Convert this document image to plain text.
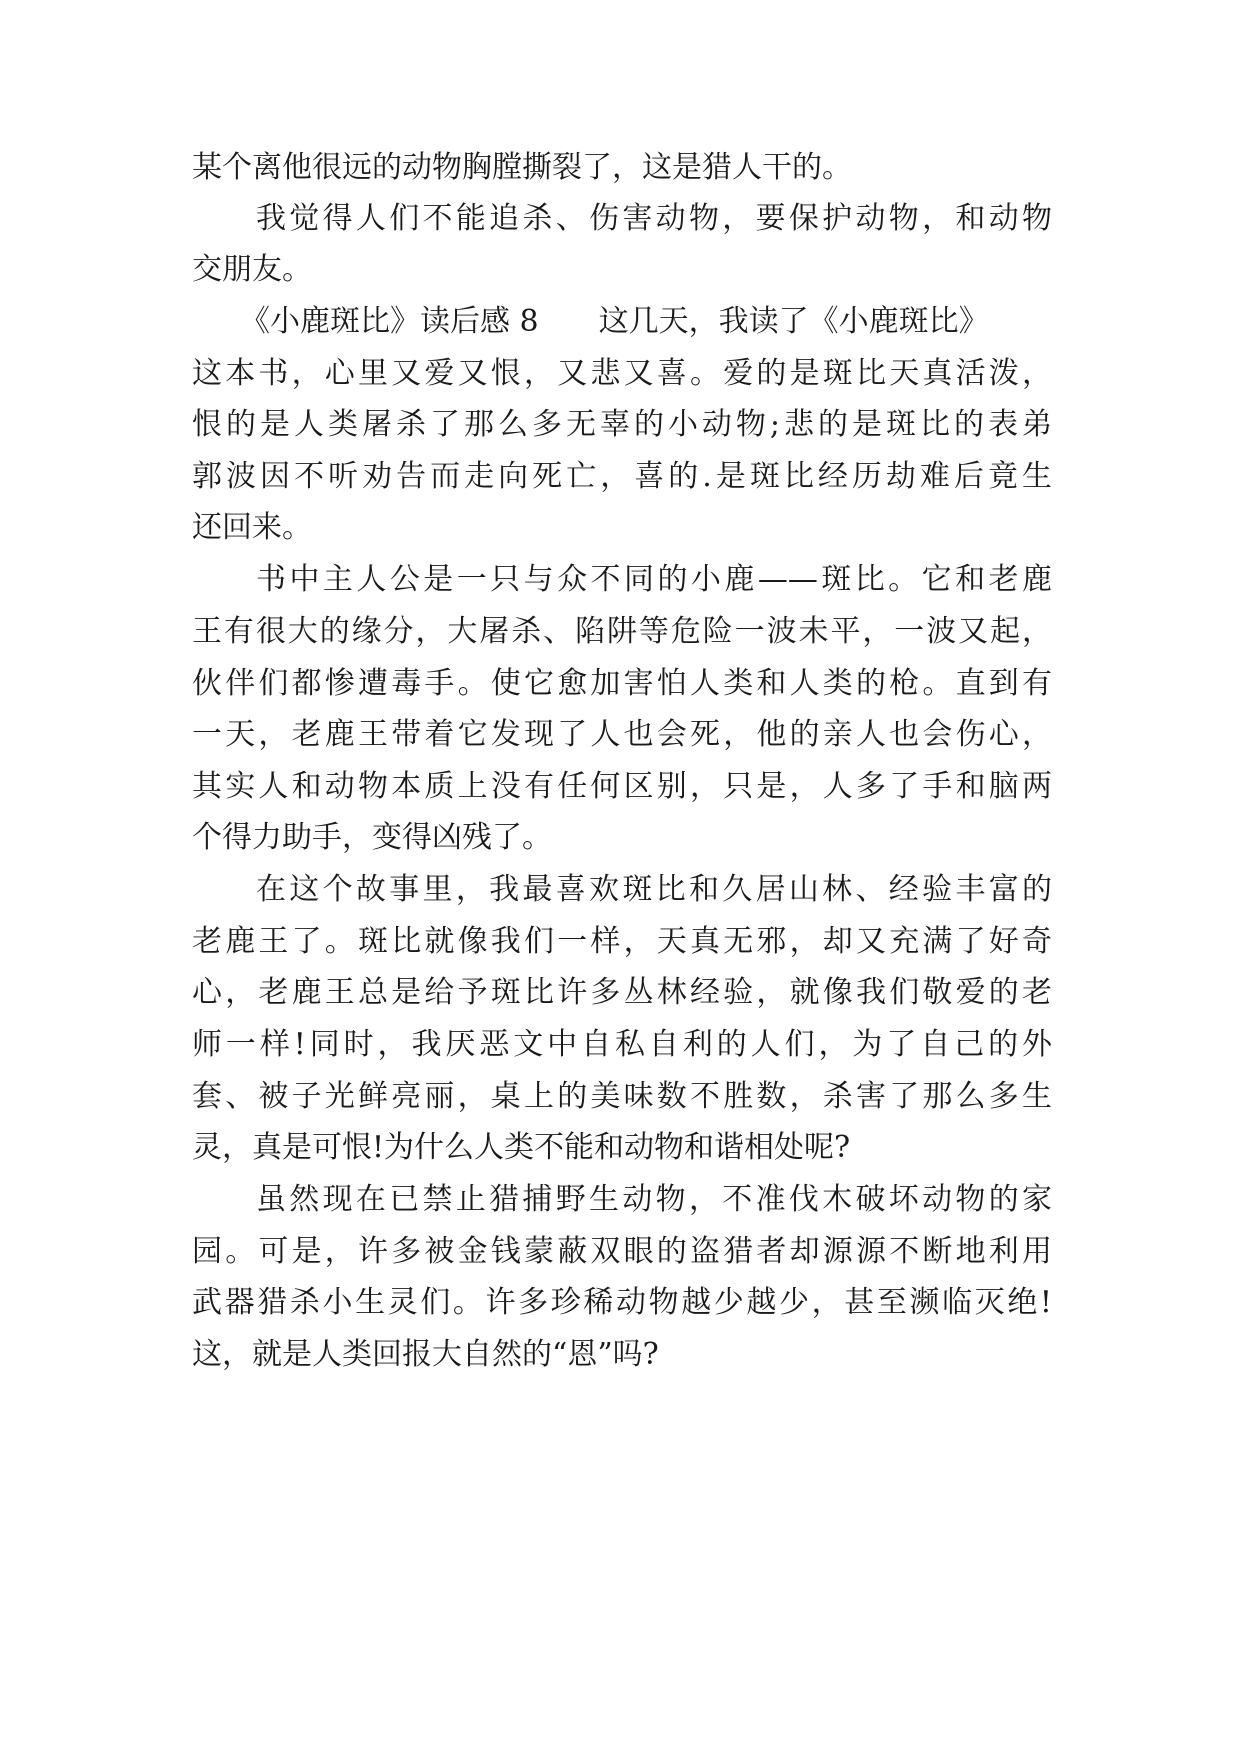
某个离他很远的动物胸膛撕裂了，这是猎人干的。

我觉得人们不能追杀、伤害动物，要保护动物，和动物

交朋友。

《小鹿斑比》读后感 8　　这几天，我读了《小鹿斑比》

这本书，心里又爱又恨，又悲又喜。爱的是斑比天真活泼，

恨的是人类屠杀了那么多无辜的小动物;悲的是斑比的表弟

郭波因不听劝告而走向死亡，喜的.是斑比经历劫难后竟生

还回来。

书中主人公是一只与众不同的小鹿——斑比。它和老鹿

王有很大的缘分，大屠杀、陷阱等危险一波未平，一波又起，

伙伴们都惨遭毒手。使它愈加害怕人类和人类的枪。直到有

一天，老鹿王带着它发现了人也会死，他的亲人也会伤心，

其实人和动物本质上没有任何区别，只是，人多了手和脑两

个得力助手，变得凶残了。

在这个故事里，我最喜欢斑比和久居山林、经验丰富的

老鹿王了。斑比就像我们一样，天真无邪，却又充满了好奇

心，老鹿王总是给予斑比许多丛林经验，就像我们敬爱的老

师一样!同时，我厌恶文中自私自利的人们，为了自己的外

套、被子光鲜亮丽，桌上的美味数不胜数，杀害了那么多生

灵，真是可恨!为什么人类不能和动物和谐相处呢?

虽然现在已禁止猎捕野生动物，不准伐木破坏动物的家

园。可是，许多被金钱蒙蔽双眼的盗猎者却源源不断地利用

武器猎杀小生灵们。许多珍稀动物越少越少，甚至濒临灭绝!

这，就是人类回报大自然的“恩”吗?
